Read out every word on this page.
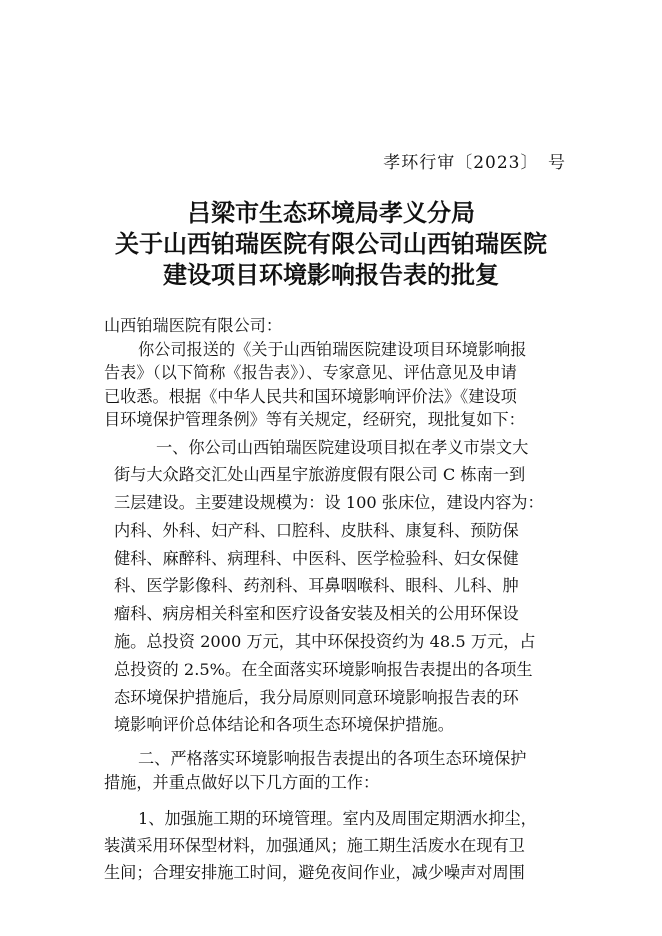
孝环行审〔2023〕　号
吕梁市生态环境局孝义分局
关于山西铂瑞医院有限公司山西铂瑞医院
建设项目环境影响报告表的批复
山西铂瑞医院有限公司：
你公司报送的《关于山西铂瑞医院建设项目环境影响报
告表》（以下简称《报告表》）、专家意见、评估意见及申请
已收悉。根据《中华人民共和国环境影响评价法》《建设项
目环境保护管理条例》等有关规定，经研究，现批复如下：
一、你公司山西铂瑞医院建设项目拟在孝义市崇文大
街与大众路交汇处山西星宇旅游度假有限公司 C 栋南一到
三层建设。主要建设规模为：设 100 张床位，建设内容为：
内科、外科、妇产科、口腔科、皮肤科、康复科、预防保
健科、麻醉科、病理科、中医科、医学检验科、妇女保健
科、医学影像科、药剂科、耳鼻咽喉科、眼科、儿科、肿
瘤科、病房相关科室和医疗设备安装及相关的公用环保设
施。总投资 2000 万元，其中环保投资约为 48.5 万元，占
总投资的 2.5%。在全面落实环境影响报告表提出的各项生
态环境保护措施后，我分局原则同意环境影响报告表的环
境影响评价总体结论和各项生态环境保护措施。
二、严格落实环境影响报告表提出的各项生态环境保护
措施，并重点做好以下几方面的工作：
1、加强施工期的环境管理。室内及周围定期洒水抑尘，
装潢采用环保型材料，加强通风；施工期生活废水在现有卫
生间；合理安排施工时间，避免夜间作业，减少噪声对周围
